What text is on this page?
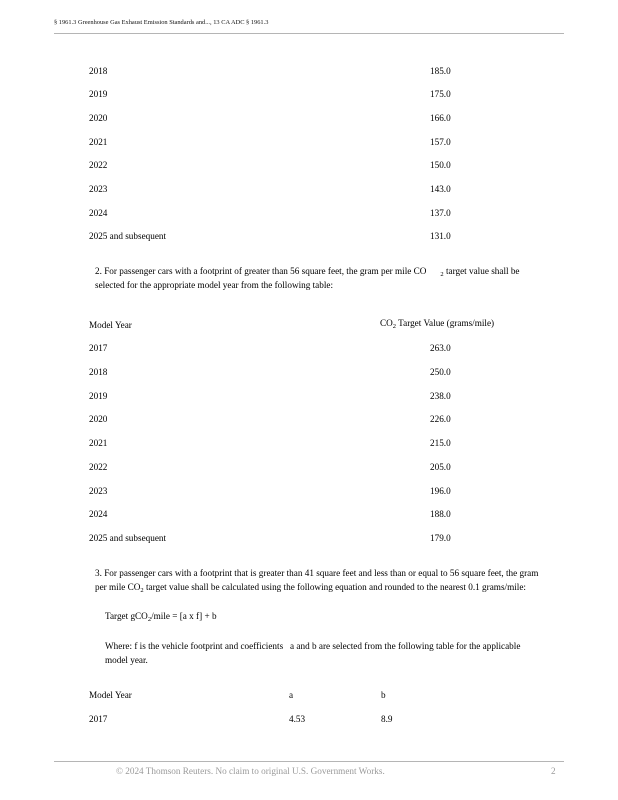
§ 1961.3 Greenhouse Gas Exhaust Emission Standards and..., 13 CA ADC § 1961.3
2018	185.0
2019	175.0
2020	166.0
2021	157.0
2022	150.0
2023	143.0
2024	137.0
2025 and subsequent	131.0
2. For passenger cars with a footprint of greater than 56 square feet, the gram per mile CO $_2$ target value shall be
selected for the appropriate model year from the following table:
Model Year	$CO_2$ Target Value (grams/mile)
2017	263.0
2018	250.0
2019	238.0
2020	226.0
2021	215.0
2022	205.0
2023	196.0
2024	188.0
2025 and subsequent	179.0
3. For passenger cars with a footprint that is greater than 41 square feet and less than or equal to 56 square feet, the gram
per mile $CO_2$ target value shall be calculated using the following equation and rounded to the nearest 0.1 grams/mile:
Target gCO$_2$/mile = [a x f] + b
Where: f is the vehicle footprint and coefficients   a and b are selected from the following table for the applicable
model year.
Model Year	a	b
2017	4.53	8.9
© 2024 Thomson Reuters. No claim to original U.S. Government Works.	2
